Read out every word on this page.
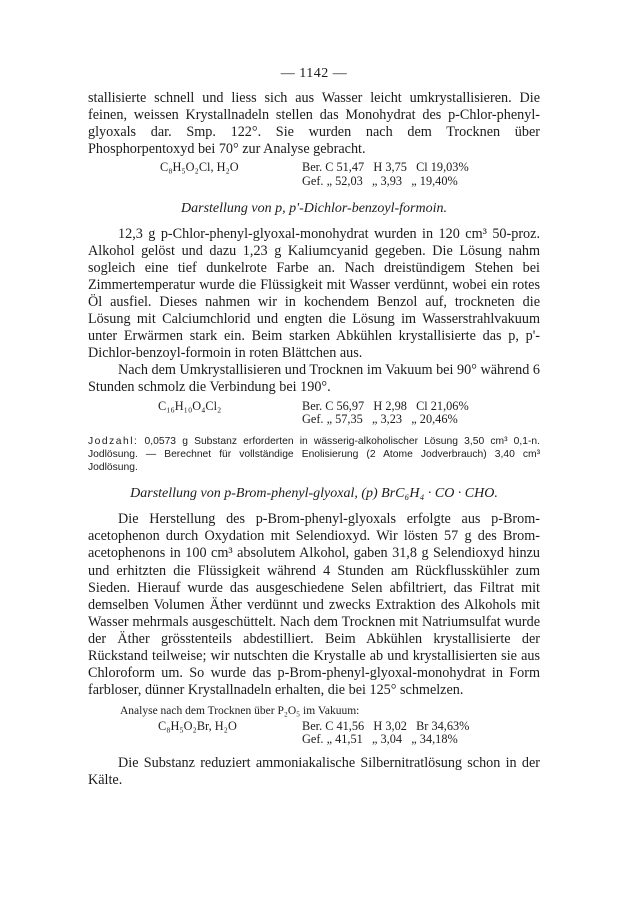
— 1142 —

stallisierte schnell und liess sich aus Wasser leicht umkrystallisieren. Die feinen, weissen Krystallnadeln stellen das Monohydrat des p-Chlor-phenyl-glyoxals dar. Smp. 122°. Sie wurden nach dem Trocknen über Phosphorpentoxyd bei 70° zur Analyse gebracht.

C₈H₅O₂Cl, H₂O	Ber. C 51,47   H 3,75   Cl 19,03%
Gef. „ 52,03   „ 3,93   „ 19,40%
Darstellung von p, p'-Dichlor-benzoyl-formoin.

12,3 g p-Chlor-phenyl-glyoxal-monohydrat wurden in 120 cm³ 50-proz. Alkohol gelöst und dazu 1,23 g Kaliumcyanid gegeben. Die Lösung nahm sogleich eine tief dunkelrote Farbe an. Nach dreistündigem Stehen bei Zimmertemperatur wurde die Flüssigkeit mit Wasser verdünnt, wobei ein rotes Öl ausfiel. Dieses nahmen wir in kochendem Benzol auf, trockneten die Lösung mit Calciumchlorid und engten die Lösung im Wasserstrahlvakuum unter Erwärmen stark ein. Beim starken Abkühlen krystallisierte das p, p'-Dichlor-benzoyl-formoin in roten Blättchen aus.

Nach dem Umkrystallisieren und Trocknen im Vakuum bei 90° während 6 Stunden schmolz die Verbindung bei 190°.

C₁₆H₁₀O₄Cl₂	Ber. C 56,97   H 2,98   Cl 21,06%
Gef. „ 57,35   „ 3,23   „ 20,46%
Jodzahl: 0,0573 g Substanz erforderten in wässerig-alkoholischer Lösung 3,50 cm³ 0,1-n. Jodlösung. — Berechnet für vollständige Enolisierung (2 Atome Jodverbrauch) 3,40 cm³ Jodlösung.
Darstellung von p-Brom-phenyl-glyoxal, (p) BrC₆H₄ · CO · CHO.

Die Herstellung des p-Brom-phenyl-glyoxals erfolgte aus p-Brom-acetophenon durch Oxydation mit Selendioxyd. Wir lösten 57 g des Brom-acetophenons in 100 cm³ absolutem Alkohol, gaben 31,8 g Selendioxyd hinzu und erhitzten die Flüssigkeit während 4 Stunden am Rückflusskühler zum Sieden. Hierauf wurde das ausgeschiedene Selen abfiltriert, das Filtrat mit demselben Volumen Äther verdünnt und zwecks Extraktion des Alkohols mit Wasser mehrmals ausgeschüttelt. Nach dem Trocknen mit Natriumsulfat wurde der Äther grösstenteils abdestilliert. Beim Abkühlen krystallisierte der Rückstand teilweise; wir nutschten die Krystalle ab und krystallisierten sie aus Chloroform um. So wurde das p-Brom-phenyl-glyoxal-monohydrat in Form farbloser, dünner Krystallnadeln erhalten, die bei 125° schmelzen.

Analyse nach dem Trocknen über P₂O₅ im Vakuum:
C₈H₅O₂Br, H₂O	Ber. C 41,56   H 3,02   Br 34,63%
Gef. „ 41,51   „ 3,04   „ 34,18%

Die Substanz reduziert ammoniakalische Silbernitratlösung schon in der Kälte.
